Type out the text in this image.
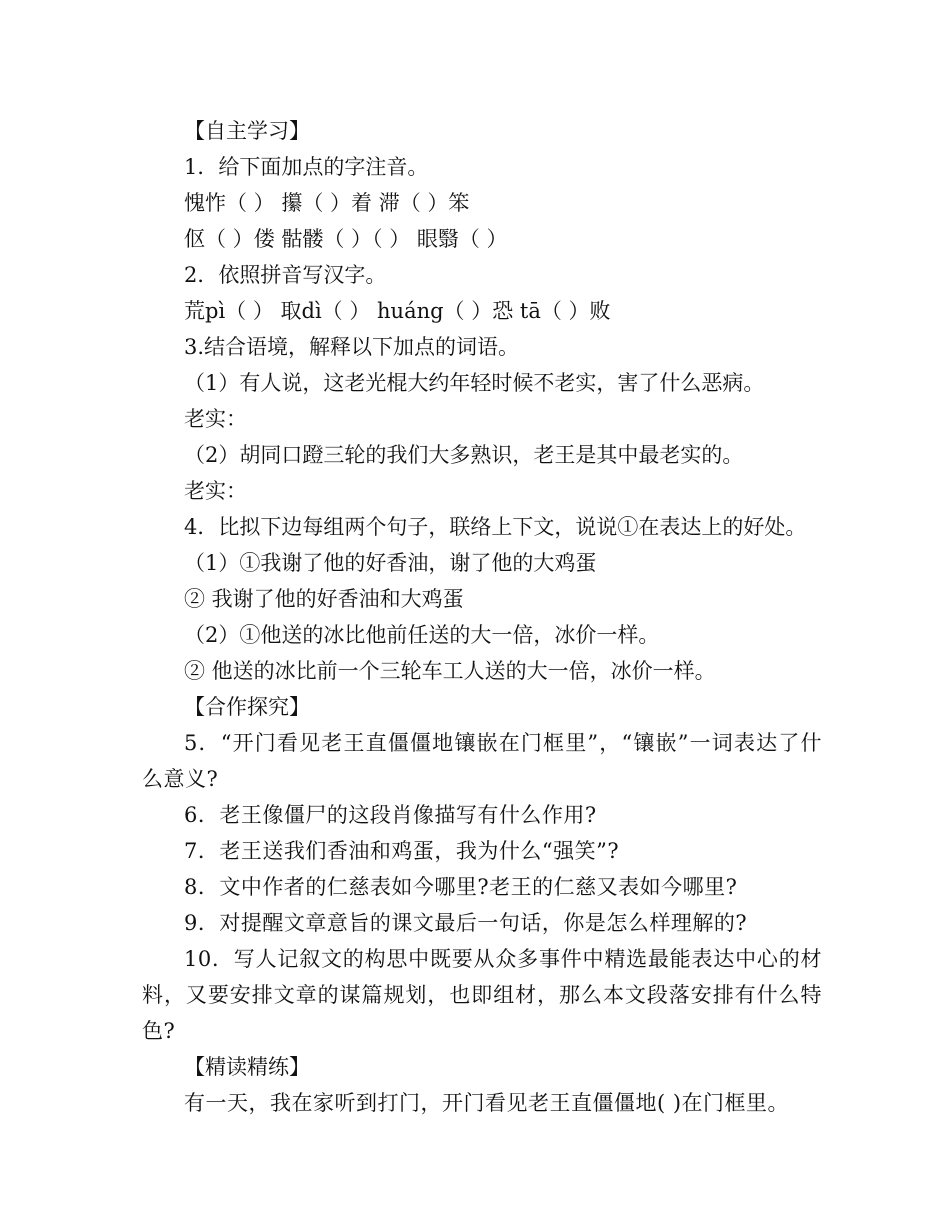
【自主学习】
1．给下面加点的字注音。
愧怍（ ） 攥（ ）着 滞（ ）笨
伛（ ）偻 骷髅（ ）（ ） 眼翳（ ）
2．依照拼音写汉字。
荒pì（ ） 取dì（ ） huáng（ ）恐 tā（ ）败
3.结合语境，解释以下加点的词语。
（1）有人说，这老光棍大约年轻时候不老实，害了什么恶病。
老实：
（2）胡同口蹬三轮的我们大多熟识，老王是其中最老实的。
老实：
4．比拟下边每组两个句子，联络上下文，说说①在表达上的好处。
（1）①我谢了他的好香油，谢了他的大鸡蛋
② 我谢了他的好香油和大鸡蛋
（2）①他送的冰比他前任送的大一倍，冰价一样。
② 他送的冰比前一个三轮车工人送的大一倍，冰价一样。
【合作探究】
5．“开门看见老王直僵僵地镶嵌在门框里”，“镶嵌”一词表达了什么意义?
6．老王像僵尸的这段肖像描写有什么作用?
7．老王送我们香油和鸡蛋，我为什么“强笑”?
8．文中作者的仁慈表如今哪里?老王的仁慈又表如今哪里?
9．对提醒文章意旨的课文最后一句话，你是怎么样理解的?
10．写人记叙文的构思中既要从众多事件中精选最能表达中心的材料，又要安排文章的谋篇规划，也即组材，那么本文段落安排有什么特色?
【精读精练】
有一天，我在家听到打门，开门看见老王直僵僵地( )在门框里。
